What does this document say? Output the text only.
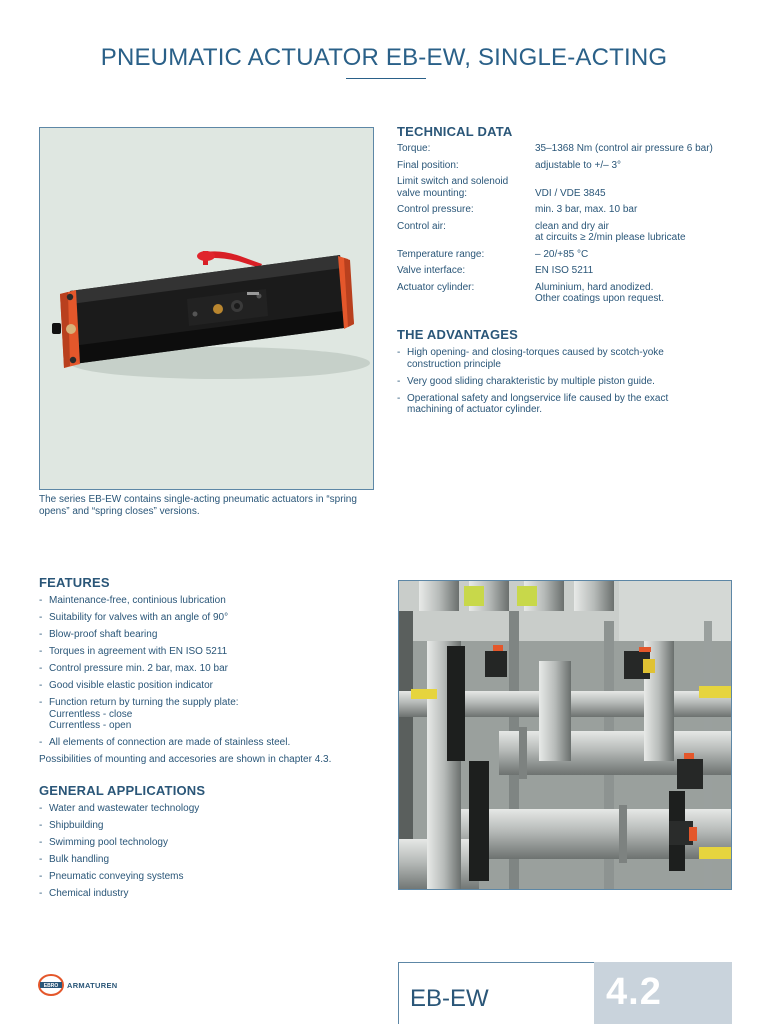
PNEUMATIC ACTUATOR EB-EW, SINGLE-ACTING

The series EB-EW contains single-acting pneumatic actuators in “spring opens” and “spring closes” versions.

TECHNICAL DATA
Torque:	35–1368 Nm (control air pressure 6 bar)
Final position:	adjustable to +/– 3°
Limit switch and solenoid
valve mounting:	
VDI / VDE 3845
Control pressure:	min. 3 bar, max. 10 bar
Control air:	clean and dry air
at circuits ≥ 2/min please lubricate
Temperature range:	– 20/+85 °C
Valve interface:	EN ISO 5211
Actuator cylinder:	Aluminium, hard anodized.
Other coatings upon request.
THE ADVANTAGES
- High opening- and closing-torques caused by scotch-yoke
construction principle
- Very good sliding charakteristic by multiple piston guide.
- Operational safety and longservice life caused by the exact
machining of actuator cylinder.
FEATURES
- Maintenance-free, continious lubrication
- Suitability for valves with an angle of 90°
- Blow-proof shaft bearing
- Torques in agreement with EN ISO 5211
- Control pressure min. 2 bar, max. 10 bar
- Good visible elastic position indicator
- Function return by turning the supply plate:
Currentless - close
Currentless - open
- All elements of connection are made of stainless steel.

Possibilities of mounting and accesories are shown in chapter 4.3.

GENERAL APPLICATIONS
- Water and wastewater technology
- Shipbuilding
- Swimming pool technology
- Bulk handling
- Pneumatic conveying systems
- Chemical industry
EBRO ARMATUREN	EB-EW	4.2
